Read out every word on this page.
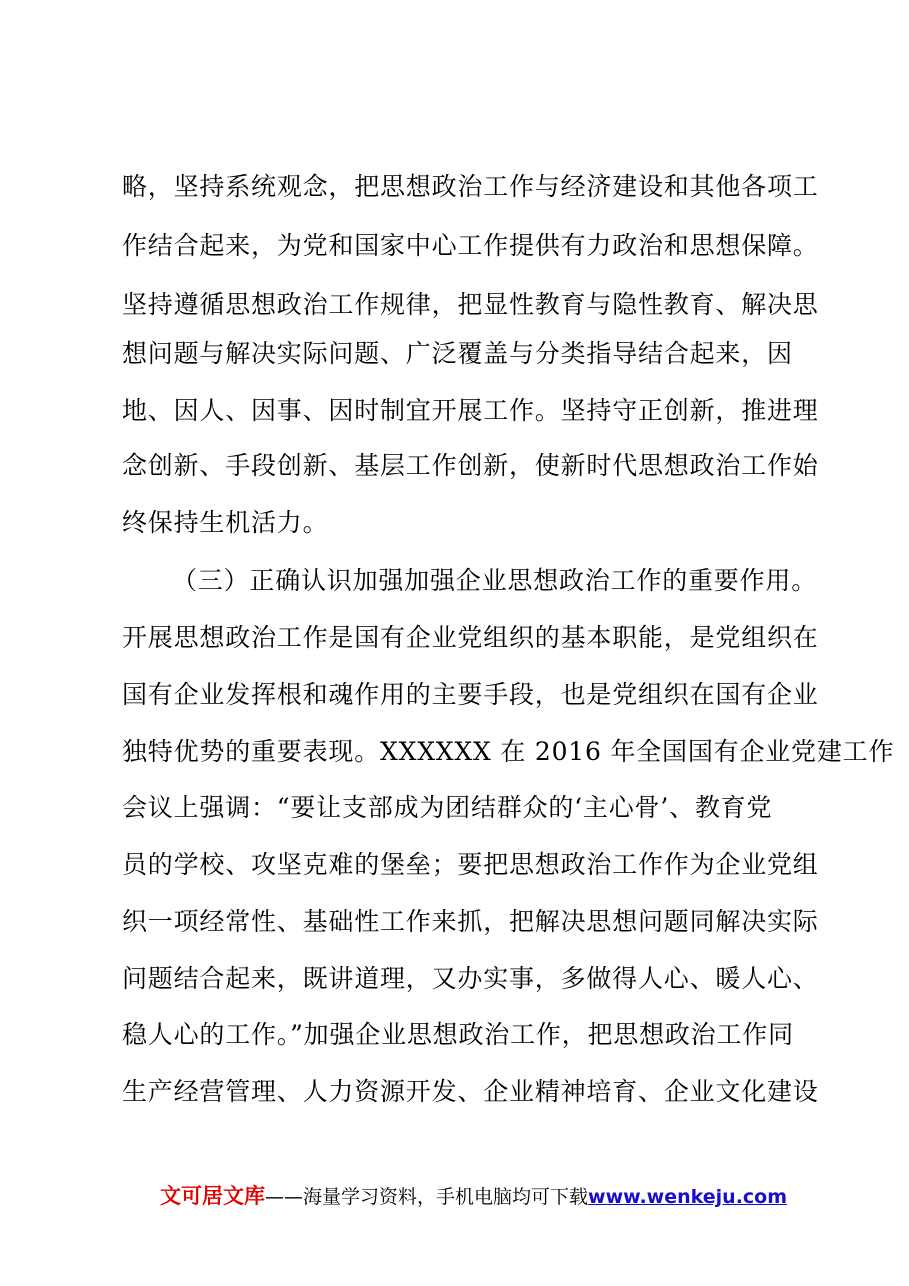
略，坚持系统观念，把思想政治工作与经济建设和其他各项工
作结合起来，为党和国家中心工作提供有力政治和思想保障。
坚持遵循思想政治工作规律，把显性教育与隐性教育、解决思
想问题与解决实际问题、广泛覆盖与分类指导结合起来，因
地、因人、因事、因时制宜开展工作。坚持守正创新，推进理
念创新、手段创新、基层工作创新，使新时代思想政治工作始
终保持生机活力。
（三）正确认识加强加强企业思想政治工作的重要作用。
开展思想政治工作是国有企业党组织的基本职能，是党组织在
国有企业发挥根和魂作用的主要手段，也是党组织在国有企业
独特优势的重要表现。XXXXXX 在 2016 年全国国有企业党建工作
会议上强调：“要让支部成为团结群众的‘主心骨’、教育党
员的学校、攻坚克难的堡垒；要把思想政治工作作为企业党组
织一项经常性、基础性工作来抓，把解决思想问题同解决实际
问题结合起来，既讲道理，又办实事，多做得人心、暖人心、
稳人心的工作。”加强企业思想政治工作，把思想政治工作同
生产经营管理、人力资源开发、企业精神培育、企业文化建设
文可居文库——海量学习资料，手机电脑均可下载www.wenkeju.com
